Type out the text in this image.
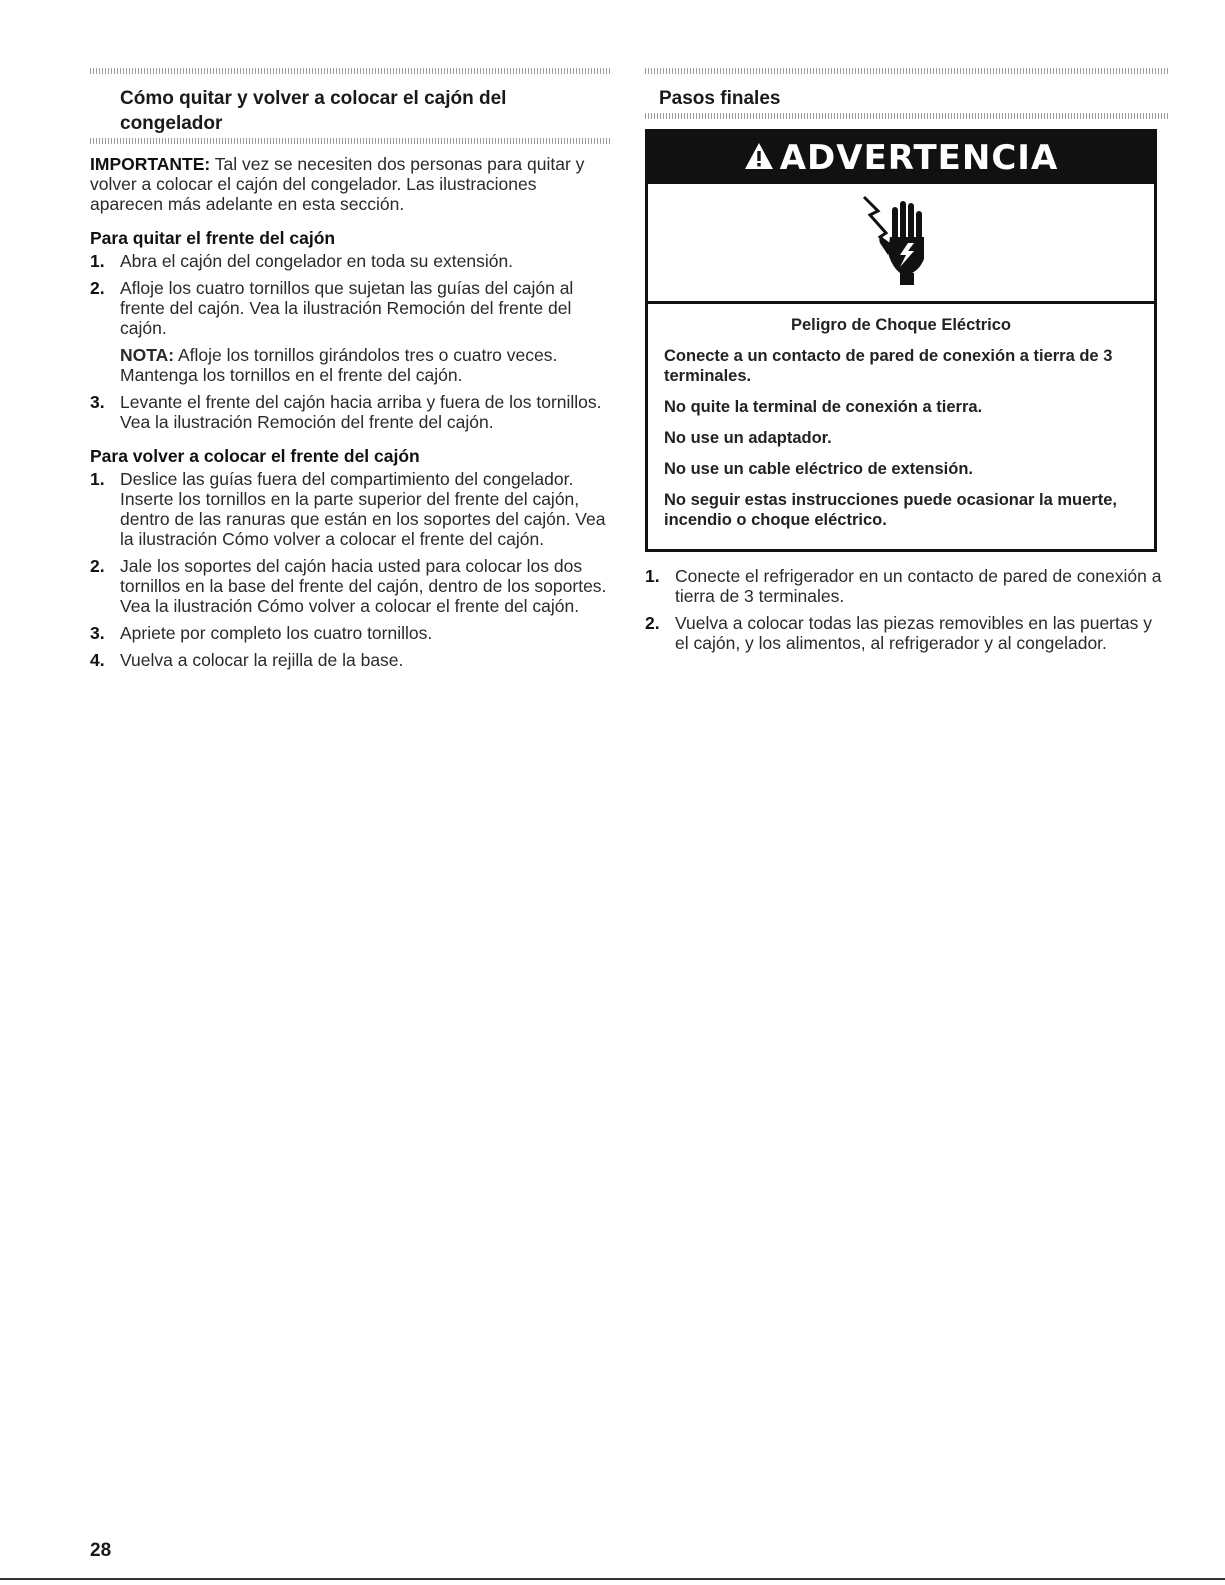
Cómo quitar y volver a colocar el cajón del congelador

IMPORTANTE: Tal vez se necesiten dos personas para quitar y volver a colocar el cajón del congelador. Las ilustraciones aparecen más adelante en esta sección.

Para quitar el frente del cajón
1. Abra el cajón del congelador en toda su extensión.
2. Afloje los cuatro tornillos que sujetan las guías del cajón al frente del cajón. Vea la ilustración Remoción del frente del cajón.
NOTA: Afloje los tornillos girándolos tres o cuatro veces. Mantenga los tornillos en el frente del cajón.
3. Levante el frente del cajón hacia arriba y fuera de los tornillos. Vea la ilustración Remoción del frente del cajón.
Para volver a colocar el frente del cajón
1. Deslice las guías fuera del compartimiento del congelador. Inserte los tornillos en la parte superior del frente del cajón, dentro de las ranuras que están en los soportes del cajón. Vea la ilustración Cómo volver a colocar el frente del cajón.
2. Jale los soportes del cajón hacia usted para colocar los dos tornillos en la base del frente del cajón, dentro de los soportes. Vea la ilustración Cómo volver a colocar el frente del cajón.
3. Apriete por completo los cuatro tornillos.
4. Vuelva a colocar la rejilla de la base.
Pasos finales
ADVERTENCIA
Peligro de Choque Eléctrico
Conecte a un contacto de pared de conexión a tierra de 3 terminales.
No quite la terminal de conexión a tierra.
No use un adaptador.
No use un cable eléctrico de extensión.
No seguir estas instrucciones puede ocasionar la muerte, incendio o choque eléctrico.
1. Conecte el refrigerador en un contacto de pared de conexión a tierra de 3 terminales.
2. Vuelva a colocar todas las piezas removibles en las puertas y el cajón, y los alimentos, al refrigerador y al congelador.
28
